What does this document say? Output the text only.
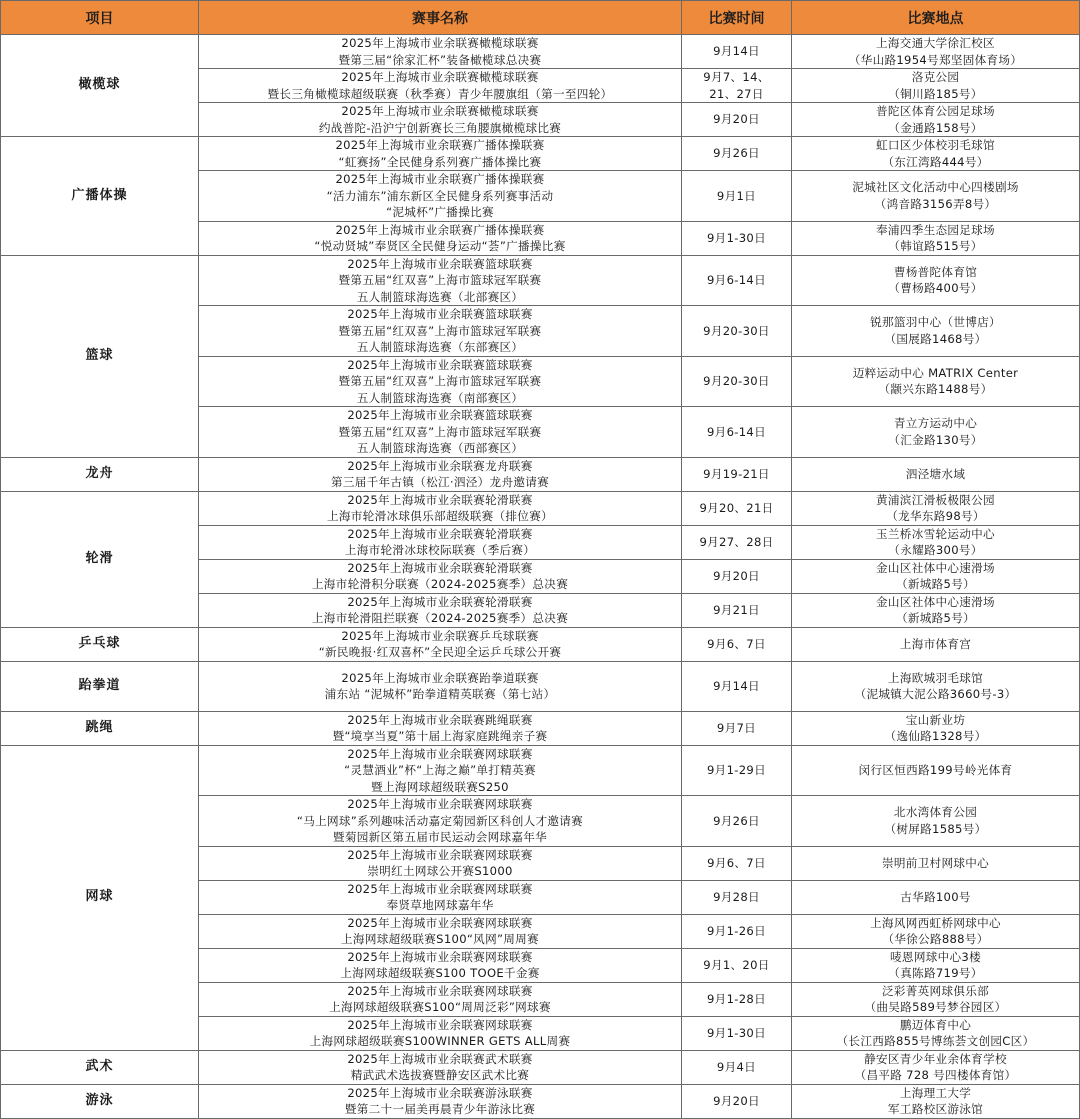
项目	赛事名称	比赛时间	比赛地点
橄榄球	2025年上海城市业余联赛橄榄球联赛
暨第三届“徐家汇杯”装备橄榄球总决赛	9月14日	上海交通大学徐汇校区
（华山路1954号郑坚固体育场）

	2025年上海城市业余联赛橄榄球联赛
暨长三角橄榄球超级联赛（秋季赛）青少年腰旗组（第一至四轮）	9月7、14、
21、27日	洛克公园
（铜川路185号）

	2025年上海城市业余联赛橄榄球联赛
约战普陀-沿沪宁创新赛长三角腰旗橄榄球比赛	9月20日	普陀区体育公园足球场
（金通路158号）

广播体操	2025年上海城市业余联赛广播体操联赛
“虹赛扬”全民健身系列赛广播体操比赛	9月26日	虹口区少体校羽毛球馆
（东江湾路444号）

	2025年上海城市业余联赛广播体操联赛
“活力浦东”浦东新区全民健身系列赛事活动
“泥城杯”广播操比赛	9月1日	泥城社区文化活动中心四楼剧场
（鸿音路3156弄8号）

	2025年上海城市业余联赛广播体操联赛
“悦动贤城”奉贤区全民健身运动“荟”广播操比赛	9月1-30日	奉浦四季生态园足球场
（韩谊路515号）

篮球	2025年上海城市业余联赛篮球联赛
暨第五届“红双喜”上海市篮球冠军联赛
五人制篮球海选赛（北部赛区）	9月6-14日	曹杨普陀体育馆
（曹杨路400号）

	2025年上海城市业余联赛篮球联赛
暨第五届“红双喜”上海市篮球冠军联赛
五人制篮球海选赛（东部赛区）	9月20-30日	锐那篮羽中心（世博店）
（国展路1468号）

	2025年上海城市业余联赛篮球联赛
暨第五届“红双喜”上海市篮球冠军联赛
五人制篮球海选赛（南部赛区）	9月20-30日	迈粹运动中心 MATRIX Center
（颛兴东路1488号）

	2025年上海城市业余联赛篮球联赛
暨第五届“红双喜”上海市篮球冠军联赛
五人制篮球海选赛（西部赛区）	9月6-14日	青立方运动中心
（汇金路130号）

龙舟	2025年上海城市业余联赛龙舟联赛
第三届千年古镇（松江·泗泾）龙舟邀请赛	9月19-21日	泗泾塘水域

轮滑	2025年上海城市业余联赛轮滑联赛
上海市轮滑冰球俱乐部超级联赛（排位赛）	9月20、21日	黄浦滨江滑板极限公园
（龙华东路98号）

	2025年上海城市业余联赛轮滑联赛
上海市轮滑冰球校际联赛（季后赛）	9月27、28日	玉兰桥冰雪轮运动中心
（永耀路300号）

	2025年上海城市业余联赛轮滑联赛
上海市轮滑积分联赛（2024-2025赛季）总决赛	9月20日	金山区社体中心速滑场
（新城路5号）

	2025年上海城市业余联赛轮滑联赛
上海市轮滑阻拦联赛（2024-2025赛季）总决赛	9月21日	金山区社体中心速滑场
（新城路5号）

乒乓球	2025年上海城市业余联赛乒乓球联赛
“新民晚报·红双喜杯”全民迎全运乒乓球公开赛	9月6、7日	上海市体育宫

跆拳道	2025年上海城市业余联赛跆拳道联赛
浦东站 “泥城杯”跆拳道精英联赛（第七站）	9月14日	上海欧城羽毛球馆
（泥城镇大泥公路3660号-3）

跳绳	2025年上海城市业余联赛跳绳联赛
暨“境享当夏”第十届上海家庭跳绳亲子赛	9月7日	宝山新业坊
（逸仙路1328号）

网球	2025年上海城市业余联赛网球联赛
“灵慧酒业”杯“上海之巅”单打精英赛
暨上海网球超级联赛S250	9月1-29日	闵行区恒西路199号岭光体育

	2025年上海城市业余联赛网球联赛
“马上网球”系列趣味活动嘉定菊园新区科创人才邀请赛
暨菊园新区第五届市民运动会网球嘉年华	9月26日	北水湾体育公园
（树屏路1585号）

	2025年上海城市业余联赛网球联赛
崇明红土网球公开赛S1000	9月6、7日	崇明前卫村网球中心

	2025年上海城市业余联赛网球联赛
奉贤草地网球嘉年华	9月28日	古华路100号

	2025年上海城市业余联赛网球联赛
上海网球超级联赛S100“风网”周周赛	9月1-26日	上海风网西虹桥网球中心
（华徐公路888号）

	2025年上海城市业余联赛网球联赛
上海网球超级联赛S100 TOOE千金赛	9月1、20日	唛恩网球中心3楼
（真陈路719号）

	2025年上海城市业余联赛网球联赛
上海网球超级联赛S100“周周泛彩”网球赛	9月1-28日	泛彩菁英网球俱乐部
（曲吴路589号梦谷园区）

	2025年上海城市业余联赛网球联赛
上海网球超级联赛S100WINNER GETS ALL周赛	9月1-30日	鹏迈体育中心
（长江西路855号博练荟文创园C区）

武术	2025年上海城市业余联赛武术联赛
精武武术选拔赛暨静安区武术比赛	9月4日	静安区青少年业余体育学校
（昌平路 728 号四楼体育馆）

游泳	2025年上海城市业余联赛游泳联赛
暨第二十一届美再晨青少年游泳比赛	9月20日	上海理工大学
军工路校区游泳馆
